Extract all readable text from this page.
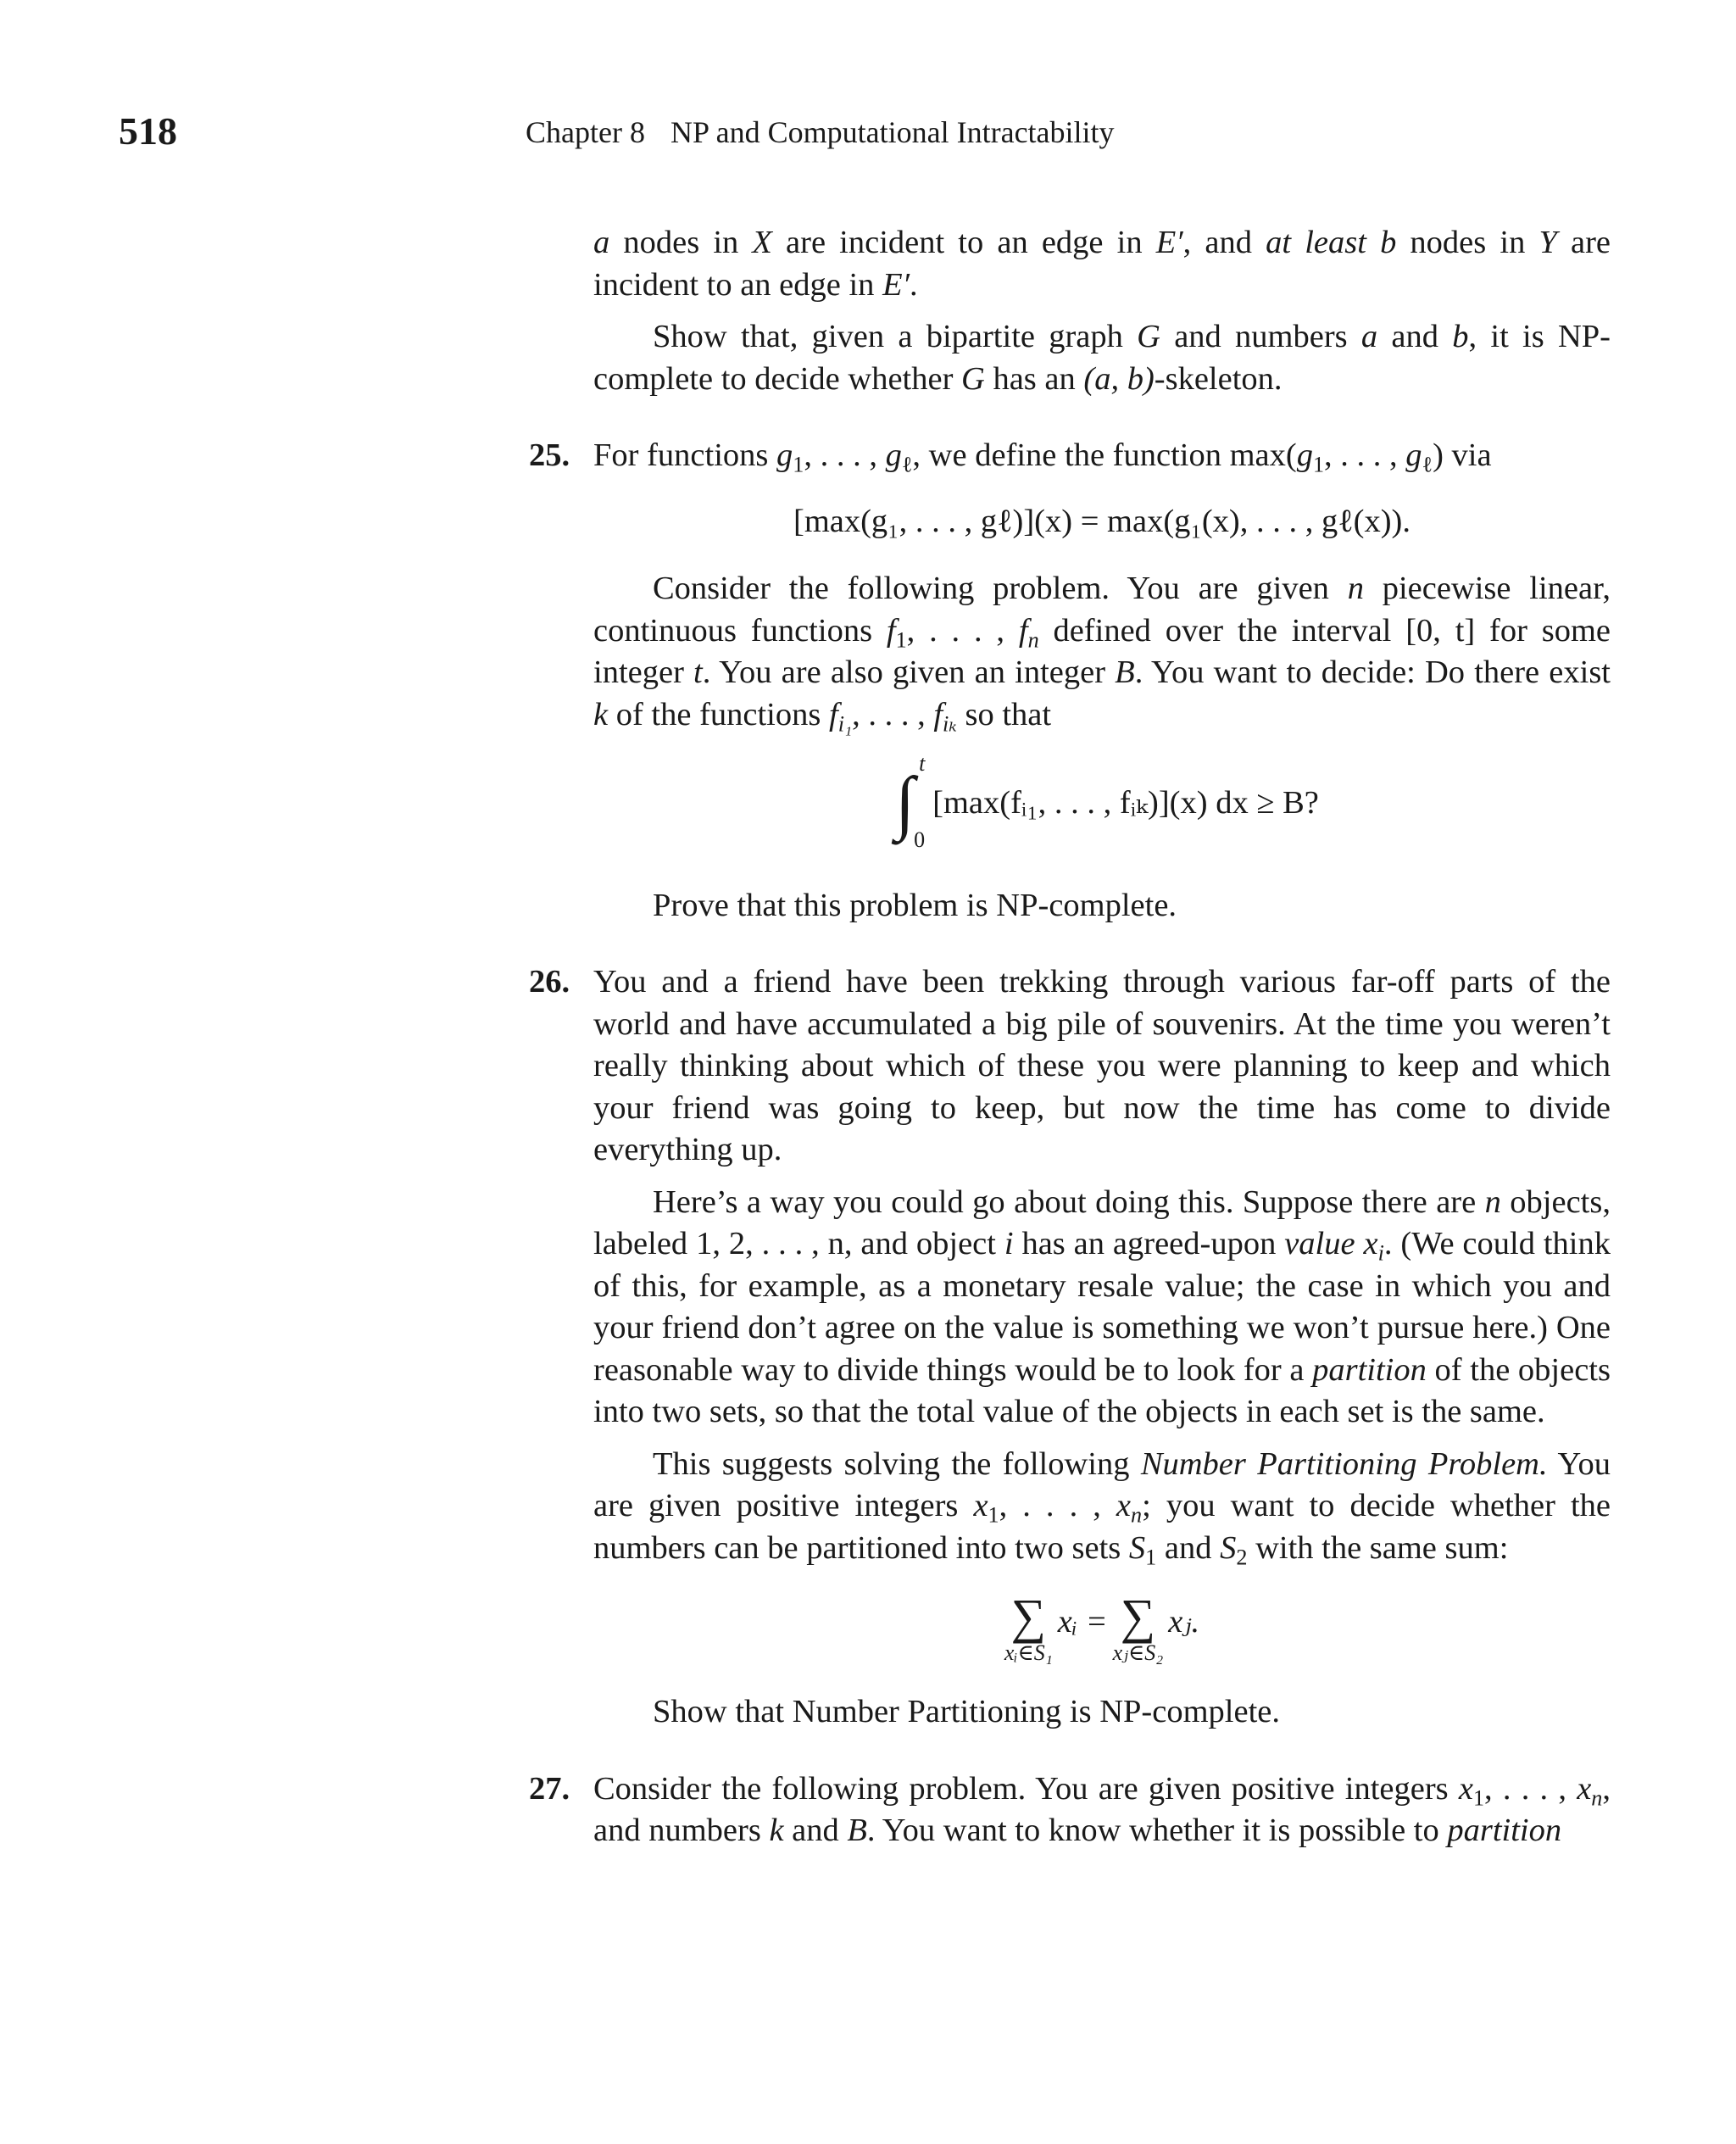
518	Chapter 8 NP and Computational Intractability

a nodes in X are incident to an edge in E′, and at least b nodes in Y are incident to an edge in E′.

Show that, given a bipartite graph G and numbers a and b, it is NP-complete to decide whether G has an (a, b)-skeleton.

25. For functions $g_1$, . . . , $g_\ell$, we define the function $\max(g_1$, . . . , $g_\ell$) via

[max(g₁, . . . , gℓ)](x) = max(g₁(x), . . . , gℓ(x)).

Consider the following problem. You are given n piecewise linear, continuous functions $f_1$, . . . , $f_n$ defined over the interval [0, t] for some integer t. You are also given an integer B. You want to decide: Do there exist k of the functions $f_{i_1}$, . . . , $f_{i_k}$ so that

∫ t
0
[max(fᵢ₁, . . . , fᵢₖ)](x) dx ≥ B?

Prove that this problem is NP-complete.

26. You and a friend have been trekking through various far-off parts of the world and have accumulated a big pile of souvenirs. At the time you weren’t really thinking about which of these you were planning to keep and which your friend was going to keep, but now the time has come to divide everything up.

Here’s a way you could go about doing this. Suppose there are n objects, labeled 1, 2, . . . , n, and object i has an agreed-upon value $x_i$. (We could think of this, for example, as a monetary resale value; the case in which you and your friend don’t agree on the value is something we won’t pursue here.) One reasonable way to divide things would be to look for a partition of the objects into two sets, so that the total value of the objects in each set is the same.

This suggests solving the following Number Partitioning Problem. You are given positive integers $x_1$, . . . , $x_n$; you want to decide whether the numbers can be partitioned into two sets $S_1$ and $S_2$ with the same sum:

∑
xᵢ∈S₁
xᵢ = ∑
xⱼ∈S₂
xⱼ.

Show that Number Partitioning is NP-complete.

27. Consider the following problem. You are given positive integers $x_1$, . . . , $x_n$, and numbers k and B. You want to know whether it is possible to partition
